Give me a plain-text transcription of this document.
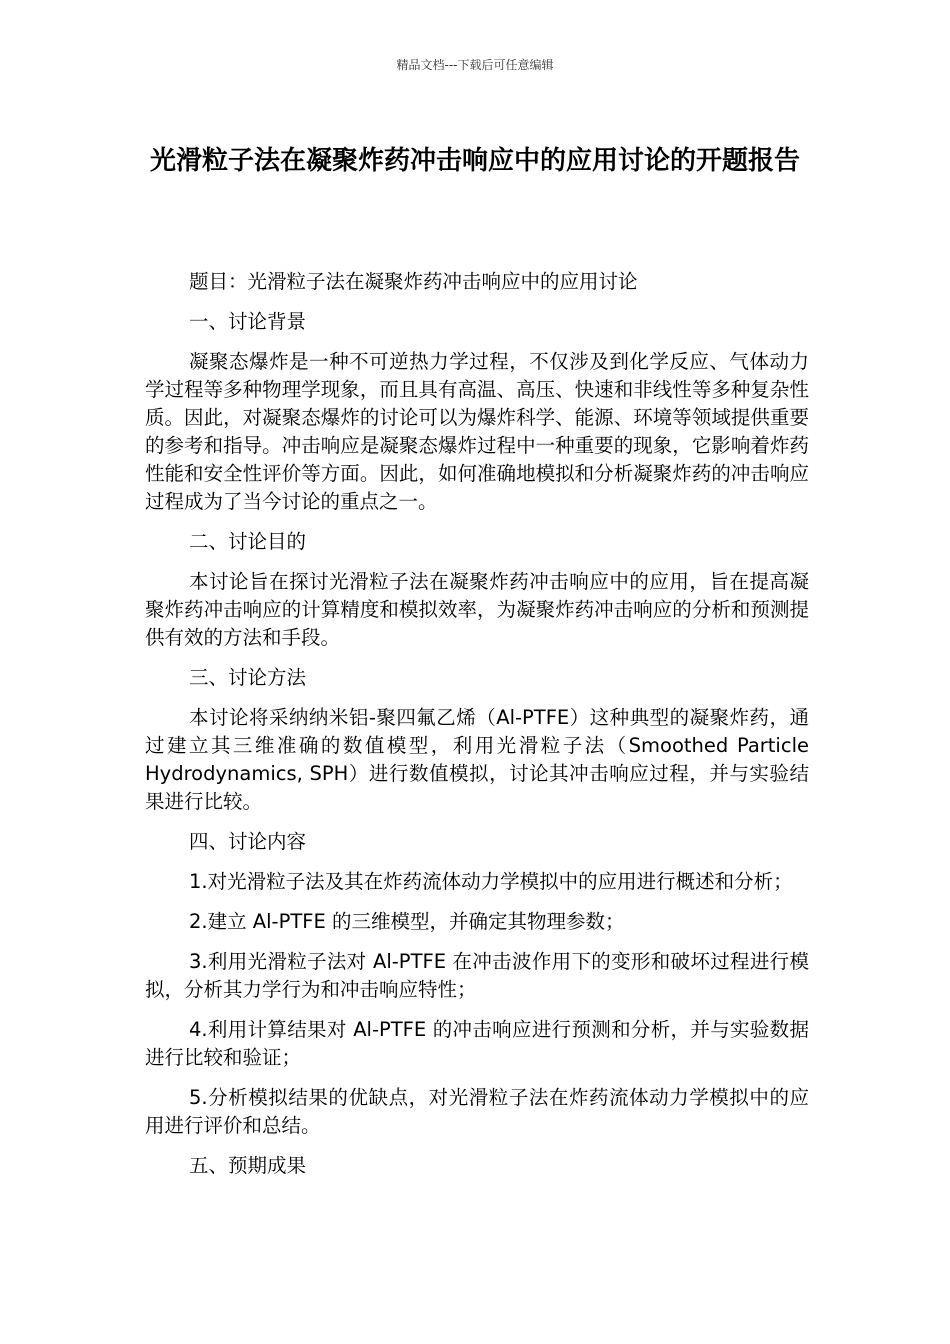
精品文档---下载后可任意编辑
光滑粒子法在凝聚炸药冲击响应中的应用讨论的开题报告

题目：光滑粒子法在凝聚炸药冲击响应中的应用讨论

一、讨论背景

凝聚态爆炸是一种不可逆热力学过程，不仅涉及到化学反应、气体动力学过程等多种物理学现象，而且具有高温、高压、快速和非线性等多种复杂性质。因此，对凝聚态爆炸的讨论可以为爆炸科学、能源、环境等领域提供重要的参考和指导。冲击响应是凝聚态爆炸过程中一种重要的现象，它影响着炸药性能和安全性评价等方面。因此，如何准确地模拟和分析凝聚炸药的冲击响应过程成为了当今讨论的重点之一。

二、讨论目的

本讨论旨在探讨光滑粒子法在凝聚炸药冲击响应中的应用，旨在提高凝聚炸药冲击响应的计算精度和模拟效率，为凝聚炸药冲击响应的分析和预测提供有效的方法和手段。

三、讨论方法

本讨论将采纳纳米铝-聚四氟乙烯（Al-PTFE）这种典型的凝聚炸药，通过建立其三维准确的数值模型，利用光滑粒子法（Smoothed Particle Hydrodynamics, SPH）进行数值模拟，讨论其冲击响应过程，并与实验结果进行比较。

四、讨论内容

1.对光滑粒子法及其在炸药流体动力学模拟中的应用进行概述和分析；

2.建立 Al-PTFE 的三维模型，并确定其物理参数；

3.利用光滑粒子法对 Al-PTFE 在冲击波作用下的变形和破坏过程进行模拟，分析其力学行为和冲击响应特性；

4.利用计算结果对 Al-PTFE 的冲击响应进行预测和分析，并与实验数据进行比较和验证；

5.分析模拟结果的优缺点，对光滑粒子法在炸药流体动力学模拟中的应用进行评价和总结。

五、预期成果
